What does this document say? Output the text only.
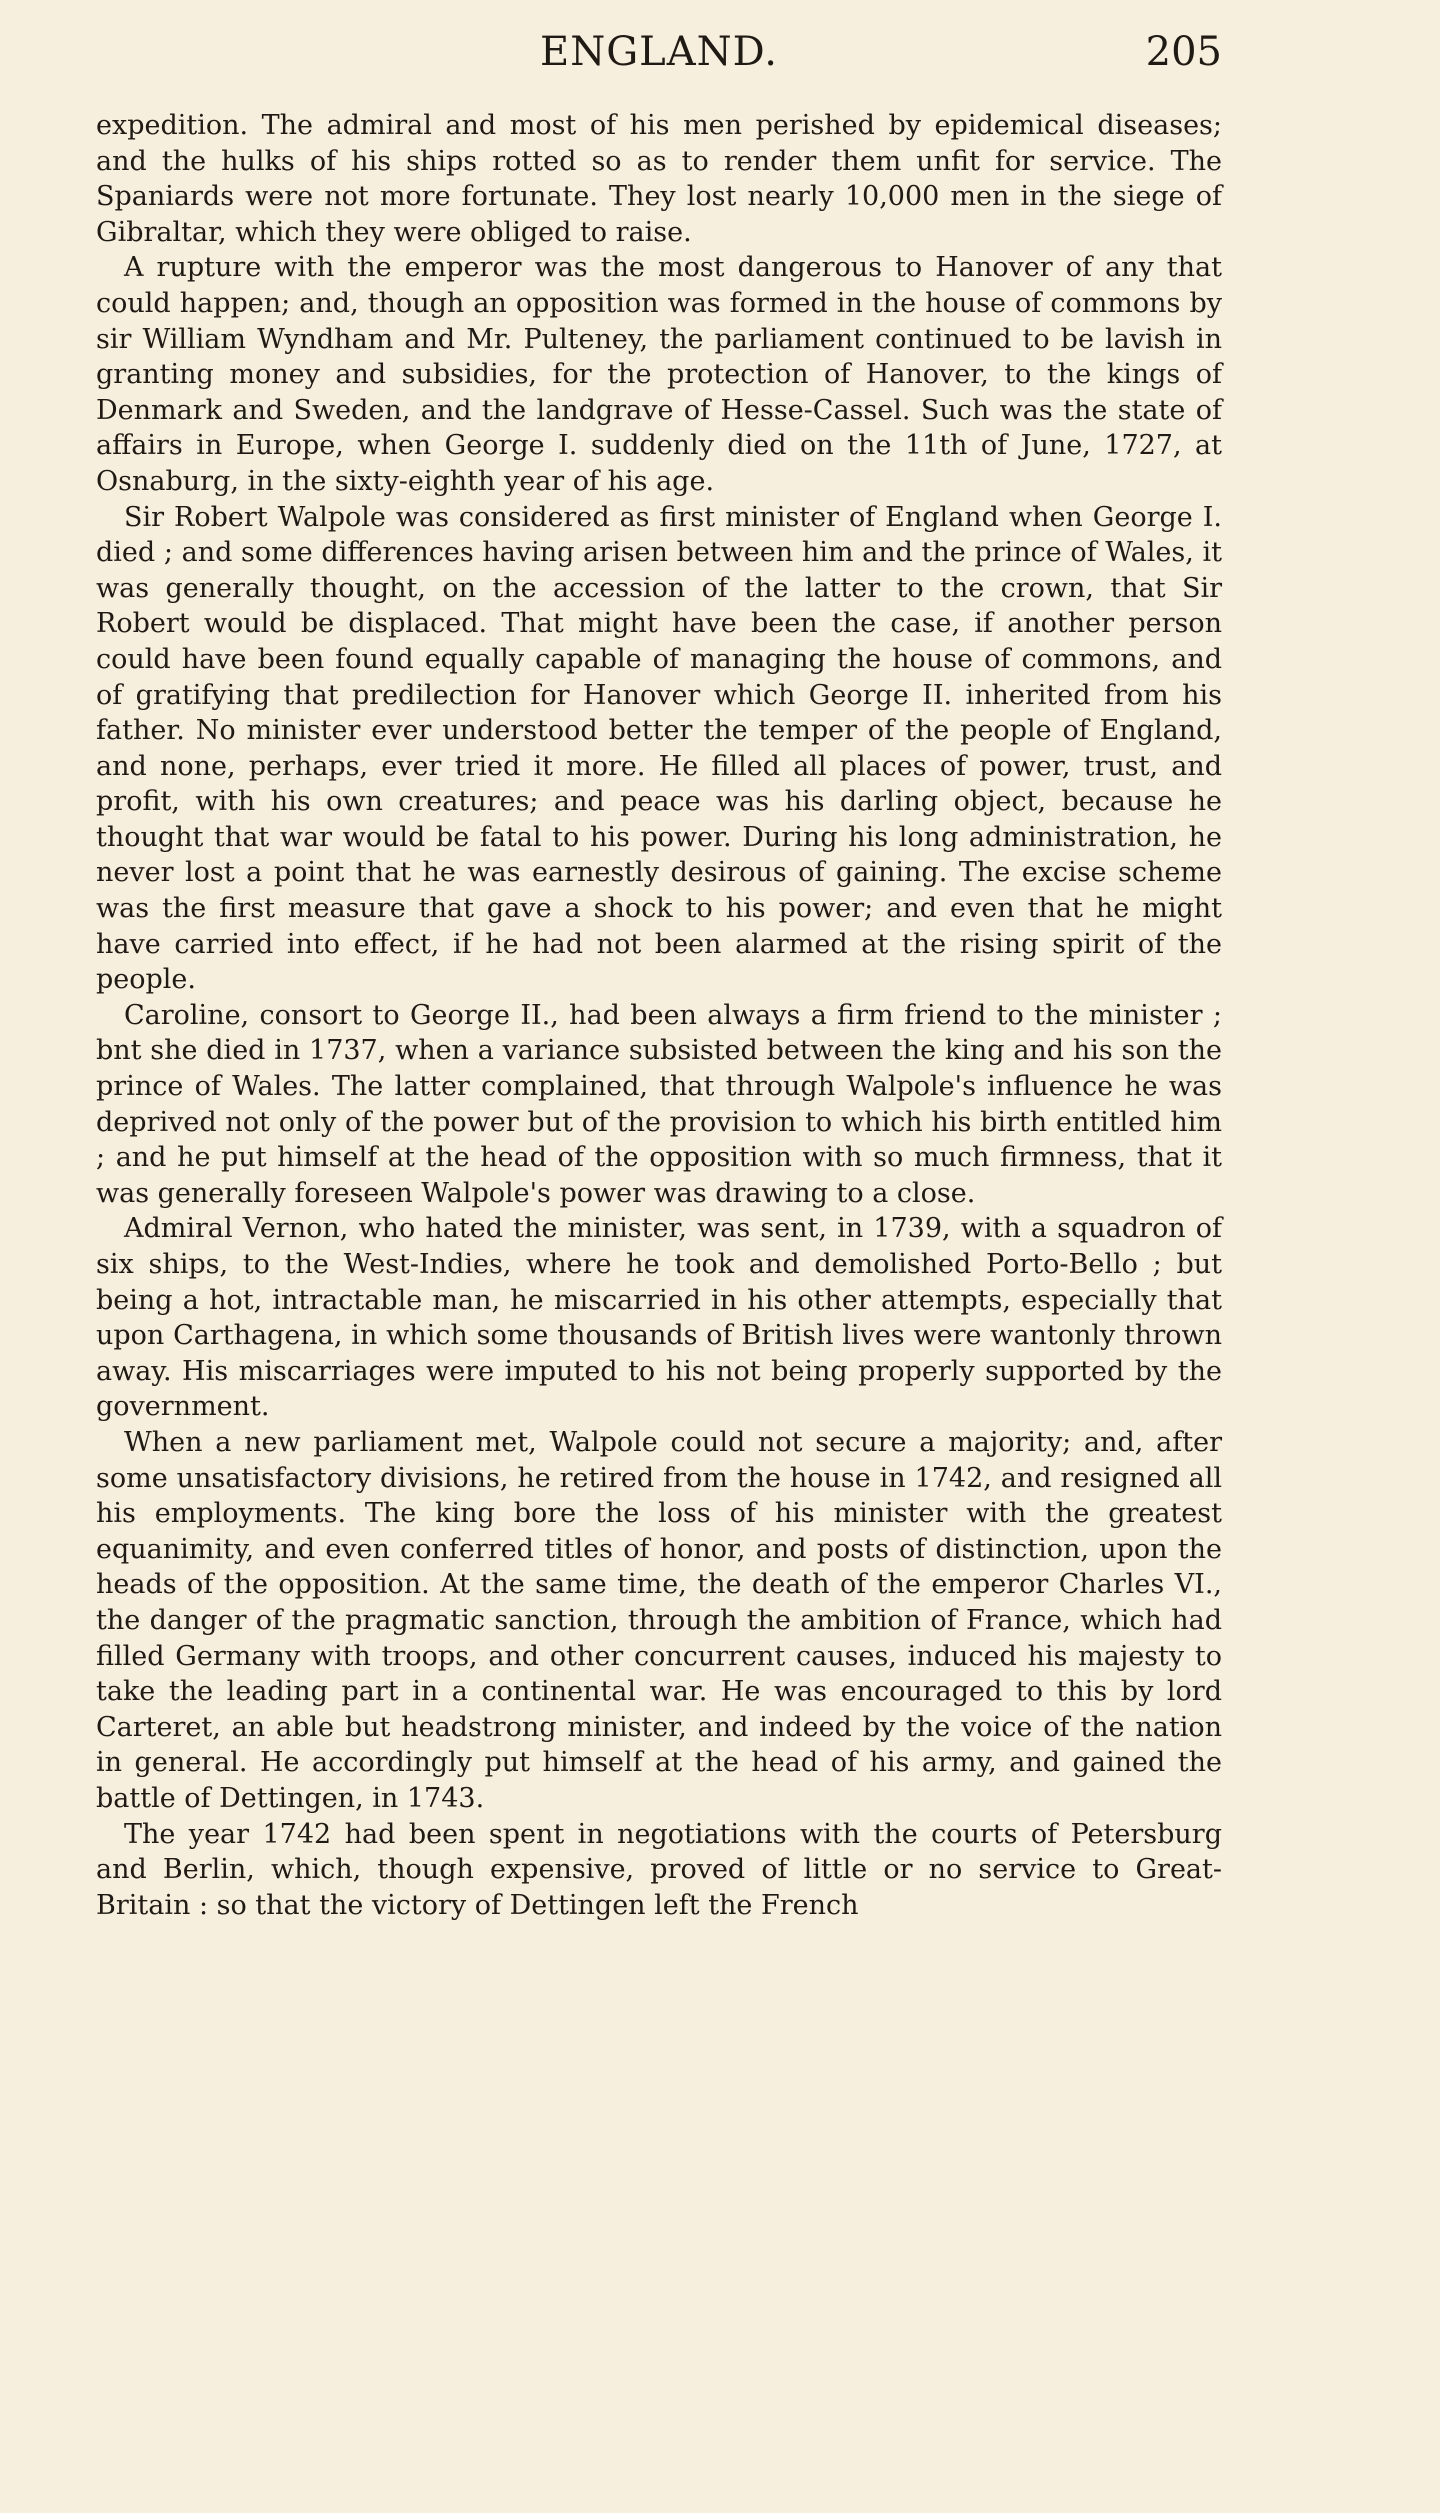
ENGLAND.	205

expedition. The admiral and most of his men perished by epidemical diseases; and the hulks of his ships rotted so as to render them unfit for service. The Spaniards were not more fortunate. They lost nearly 10,000 men in the siege of Gibraltar, which they were obliged to raise.

A rupture with the emperor was the most dangerous to Hanover of any that could happen; and, though an opposition was formed in the house of commons by sir William Wyndham and Mr. Pulteney, the parliament continued to be lavish in granting money and subsidies, for the protection of Hanover, to the kings of Denmark and Sweden, and the landgrave of Hesse-Cassel. Such was the state of affairs in Europe, when George I. suddenly died on the 11th of June, 1727, at Osnaburg, in the sixty-eighth year of his age.

Sir Robert Walpole was considered as first minister of England when George I. died ; and some differences having arisen between him and the prince of Wales, it was generally thought, on the accession of the latter to the crown, that Sir Robert would be displaced. That might have been the case, if another person could have been found equally capable of managing the house of commons, and of gratifying that predilection for Hanover which George II. inherited from his father. No minister ever understood better the temper of the people of England, and none, perhaps, ever tried it more. He filled all places of power, trust, and profit, with his own creatures; and peace was his darling object, because he thought that war would be fatal to his power. During his long administration, he never lost a point that he was earnestly desirous of gaining. The excise scheme was the first measure that gave a shock to his power; and even that he might have carried into effect, if he had not been alarmed at the rising spirit of the people.

Caroline, consort to George II., had been always a firm friend to the minister ; bnt she died in 1737, when a variance subsisted between the king and his son the prince of Wales. The latter complained, that through Walpole's influence he was deprived not only of the power but of the provision to which his birth entitled him ; and he put himself at the head of the opposition with so much firmness, that it was generally foreseen Walpole's power was drawing to a close.

Admiral Vernon, who hated the minister, was sent, in 1739, with a squadron of six ships, to the West-Indies, where he took and demolished Porto-Bello ; but being a hot, intractable man, he miscarried in his other attempts, especially that upon Carthagena, in which some thousands of British lives were wantonly thrown away. His miscarriages were imputed to his not being properly supported by the government.

When a new parliament met, Walpole could not secure a majority; and, after some unsatisfactory divisions, he retired from the house in 1742, and resigned all his employments. The king bore the loss of his minister with the greatest equanimity, and even conferred titles of honor, and posts of distinction, upon the heads of the opposition. At the same time, the death of the emperor Charles VI., the danger of the pragmatic sanction, through the ambition of France, which had filled Germany with troops, and other concurrent causes, induced his majesty to take the leading part in a continental war. He was encouraged to this by lord Carteret, an able but headstrong minister, and indeed by the voice of the nation in general. He accordingly put himself at the head of his army, and gained the battle of Dettingen, in 1743.

The year 1742 had been spent in negotiations with the courts of Petersburg and Berlin, which, though expensive, proved of little or no service to Great-Britain : so that the victory of Dettingen left the French
